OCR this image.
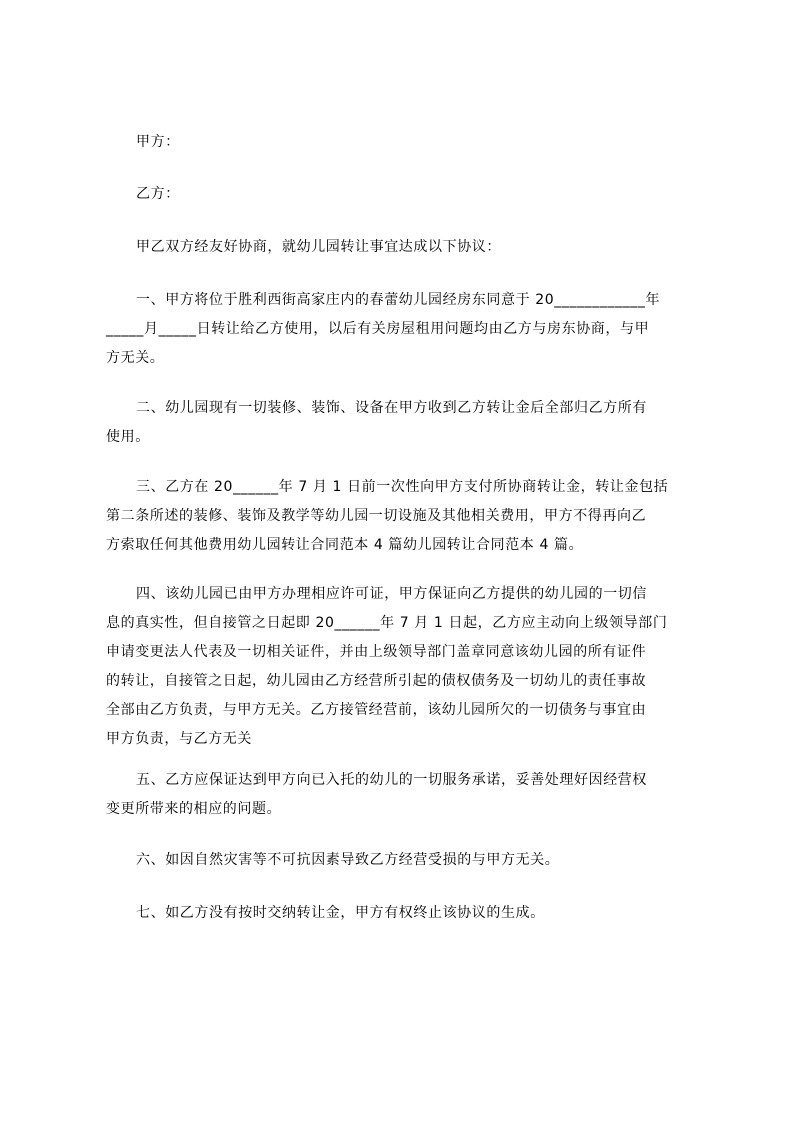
甲方：
乙方：
甲乙双方经友好协商，就幼儿园转让事宜达成以下协议：
一、甲方将位于胜利西街高家庄内的春蕾幼儿园经房东同意于 20____________年
_____月_____日转让给乙方使用，以后有关房屋租用问题均由乙方与房东协商，与甲
方无关。
二、幼儿园现有一切装修、装饰、设备在甲方收到乙方转让金后全部归乙方所有
使用。
三、乙方在 20______年 7 月 1 日前一次性向甲方支付所协商转让金，转让金包括
第二条所述的装修、装饰及教学等幼儿园一切设施及其他相关费用，甲方不得再向乙
方索取任何其他费用幼儿园转让合同范本 4 篇幼儿园转让合同范本 4 篇。
四、该幼儿园已由甲方办理相应许可证，甲方保证向乙方提供的幼儿园的一切信
息的真实性，但自接管之日起即 20______年 7 月 1 日起，乙方应主动向上级领导部门
申请变更法人代表及一切相关证件，并由上级领导部门盖章同意该幼儿园的所有证件
的转让，自接管之日起，幼儿园由乙方经营所引起的债权债务及一切幼儿的责任事故
全部由乙方负责，与甲方无关。乙方接管经营前，该幼儿园所欠的一切债务与事宜由
甲方负责，与乙方无关
五、乙方应保证达到甲方向已入托的幼儿的一切服务承诺，妥善处理好因经营权
变更所带来的相应的问题。
六、如因自然灾害等不可抗因素导致乙方经营受损的与甲方无关。
七、如乙方没有按时交纳转让金，甲方有权终止该协议的生成。
